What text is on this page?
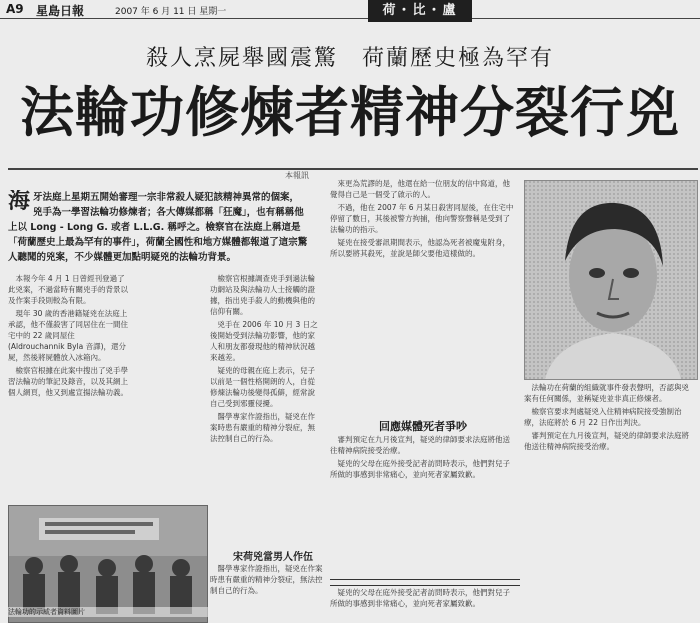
A9 星島日報	2007 年 6 月 11 日 星期一	荷・比・盧
殺人烹屍舉國震驚　荷蘭歷史極為罕有
法輪功修煉者精神分裂行兇
本報訊
海 牙法庭上星期五開始審理一宗非常殺人疑犯該精神異常的個案，兇手為一學習法輪功修煉者；各大傳媒都稱「狂魔」，也有稱稱他上以 Long - Long G. 或者 L.L.G. 稱呼之。檢察官在法庭上稱這是「荷蘭歷史上最為罕有的事件」，荷蘭全國性和地方媒體都報道了這宗驚人聽聞的兇案，不少媒體更加點明疑兇的法輪功背景。

本報今年 4 月 1 日曾經刊登過了此兇案，不過當時有關兇手的背景以及作案手段則較為有限。

現年 30 歲的香港籍疑兇在法庭上承認，他不僅殺害了同居住在一間住宅中的 22 歲同屋住 (Aldrouchannik Byla 音譯)，還分屍，然後將屍體放入冰箱內。

檢察官根據在此案中搜出了兇手學習法輪功的筆記及錄音，以及其網上個人網頁，他又到處宣揚法輪功義。

檢察官根據調查兇手到過法輪功網站及與法輪功人士接觸的證據，指出兇手殺人的動機與他的信仰有關。

兇手在 2006 年 10 月 3 日之後開始受到法輪功影響，他的家人和朋友都發現他的精神狀況越來越差。

疑兇的母親在庭上表示，兒子以前是一個性格開朗的人，自從修煉法輪功後變得孤僻，經常說自己受到邪靈侵擾。

醫學專家作證指出，疑兇在作案時患有嚴重的精神分裂症，無法控制自己的行為。

來更為荒謬的是，他還在給一位朋友的信中寫道，他覺得自己是一個受了啟示的人。

不過，他在 2007 年 6 月某日殺害同屋後，在住宅中停留了數日，其後被警方拘捕，他向警察聲稱是受到了法輪功的指示。

疑兇在接受審訊期間表示，他認為死者被魔鬼附身，所以要將其殺死，並說是師父要他這樣做的。

回應媒體死者爭吵

審判預定在九月後宣判，疑兇的律師要求法庭將他送往精神病院接受治療。

疑兇的父母在庭外接受記者訪問時表示，他們對兒子所做的事感到非常痛心，並向死者家屬致歉。

疑兇的父母在庭外接受記者訪問時表示，他們對兒子所做的事感到非常痛心，並向死者家屬致歉。

法輪功在荷蘭的組織就事件發表聲明，否認與兇案有任何關係，並稱疑兇並非真正修煉者。

檢察官要求判處疑兇入住精神病院接受強制治療，法庭將於 6 月 22 日作出判決。

審判預定在九月後宣判，疑兇的律師要求法庭將他送往精神病院接受治療。

宋荷兇當男人作伍

醫學專家作證指出，疑兇在作案時患有嚴重的精神分裂症，無法控制自己的行為。

法輪功的示威者資料圖片
